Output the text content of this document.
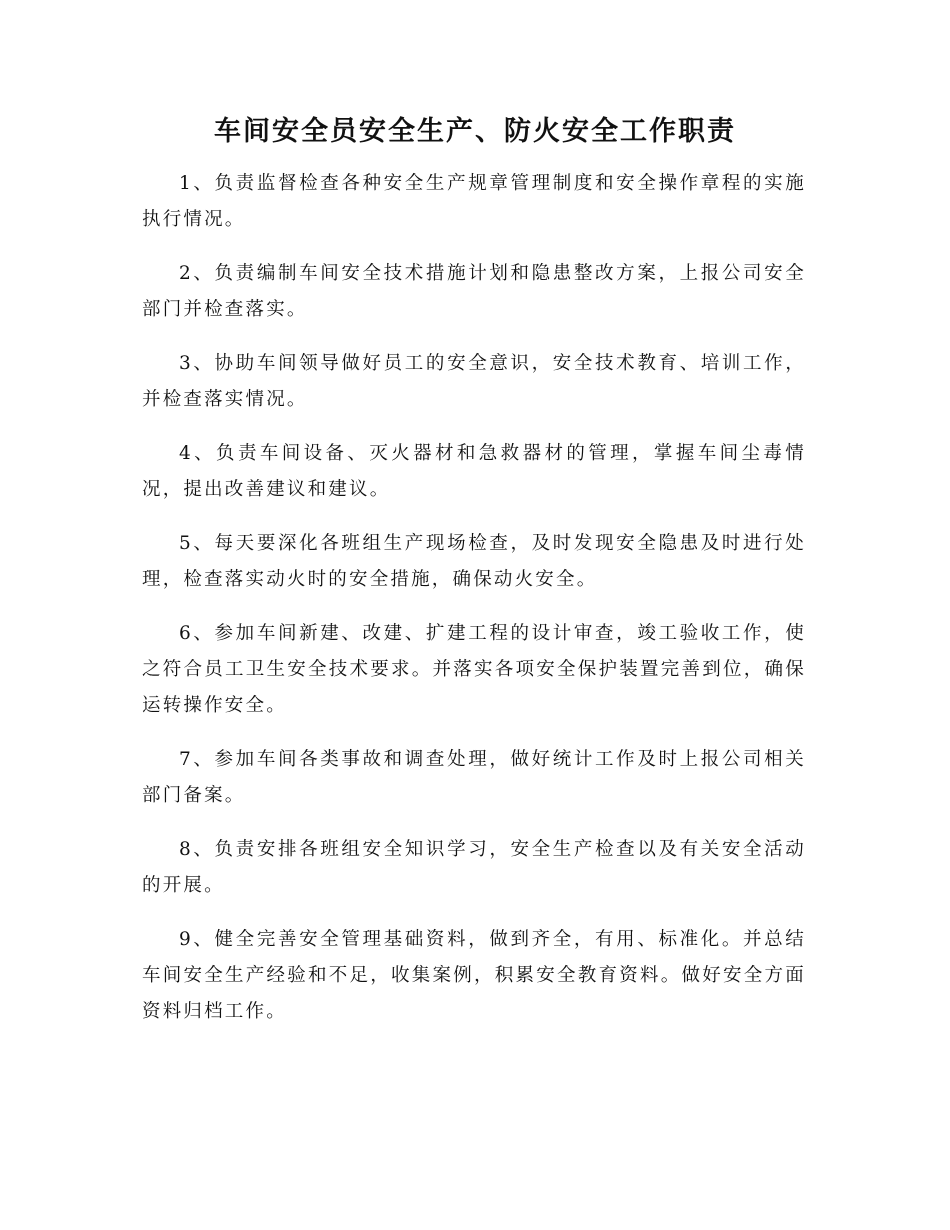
车间安全员安全生产、防火安全工作职责

1、负责监督检查各种安全生产规章管理制度和安全操作章程的实施执行情况。

2、负责编制车间安全技术措施计划和隐患整改方案，上报公司安全部门并检查落实。

3、协助车间领导做好员工的安全意识，安全技术教育、培训工作，并检查落实情况。

4、负责车间设备、灭火器材和急救器材的管理，掌握车间尘毒情况，提出改善建议和建议。

5、每天要深化各班组生产现场检查，及时发现安全隐患及时进行处理，检查落实动火时的安全措施，确保动火安全。

6、参加车间新建、改建、扩建工程的设计审查，竣工验收工作，使之符合员工卫生安全技术要求。并落实各项安全保护装置完善到位，确保运转操作安全。

7、参加车间各类事故和调查处理，做好统计工作及时上报公司相关部门备案。

8、负责安排各班组安全知识学习，安全生产检查以及有关安全活动的开展。

9、健全完善安全管理基础资料，做到齐全，有用、标准化。并总结车间安全生产经验和不足，收集案例，积累安全教育资料。做好安全方面资料归档工作。
